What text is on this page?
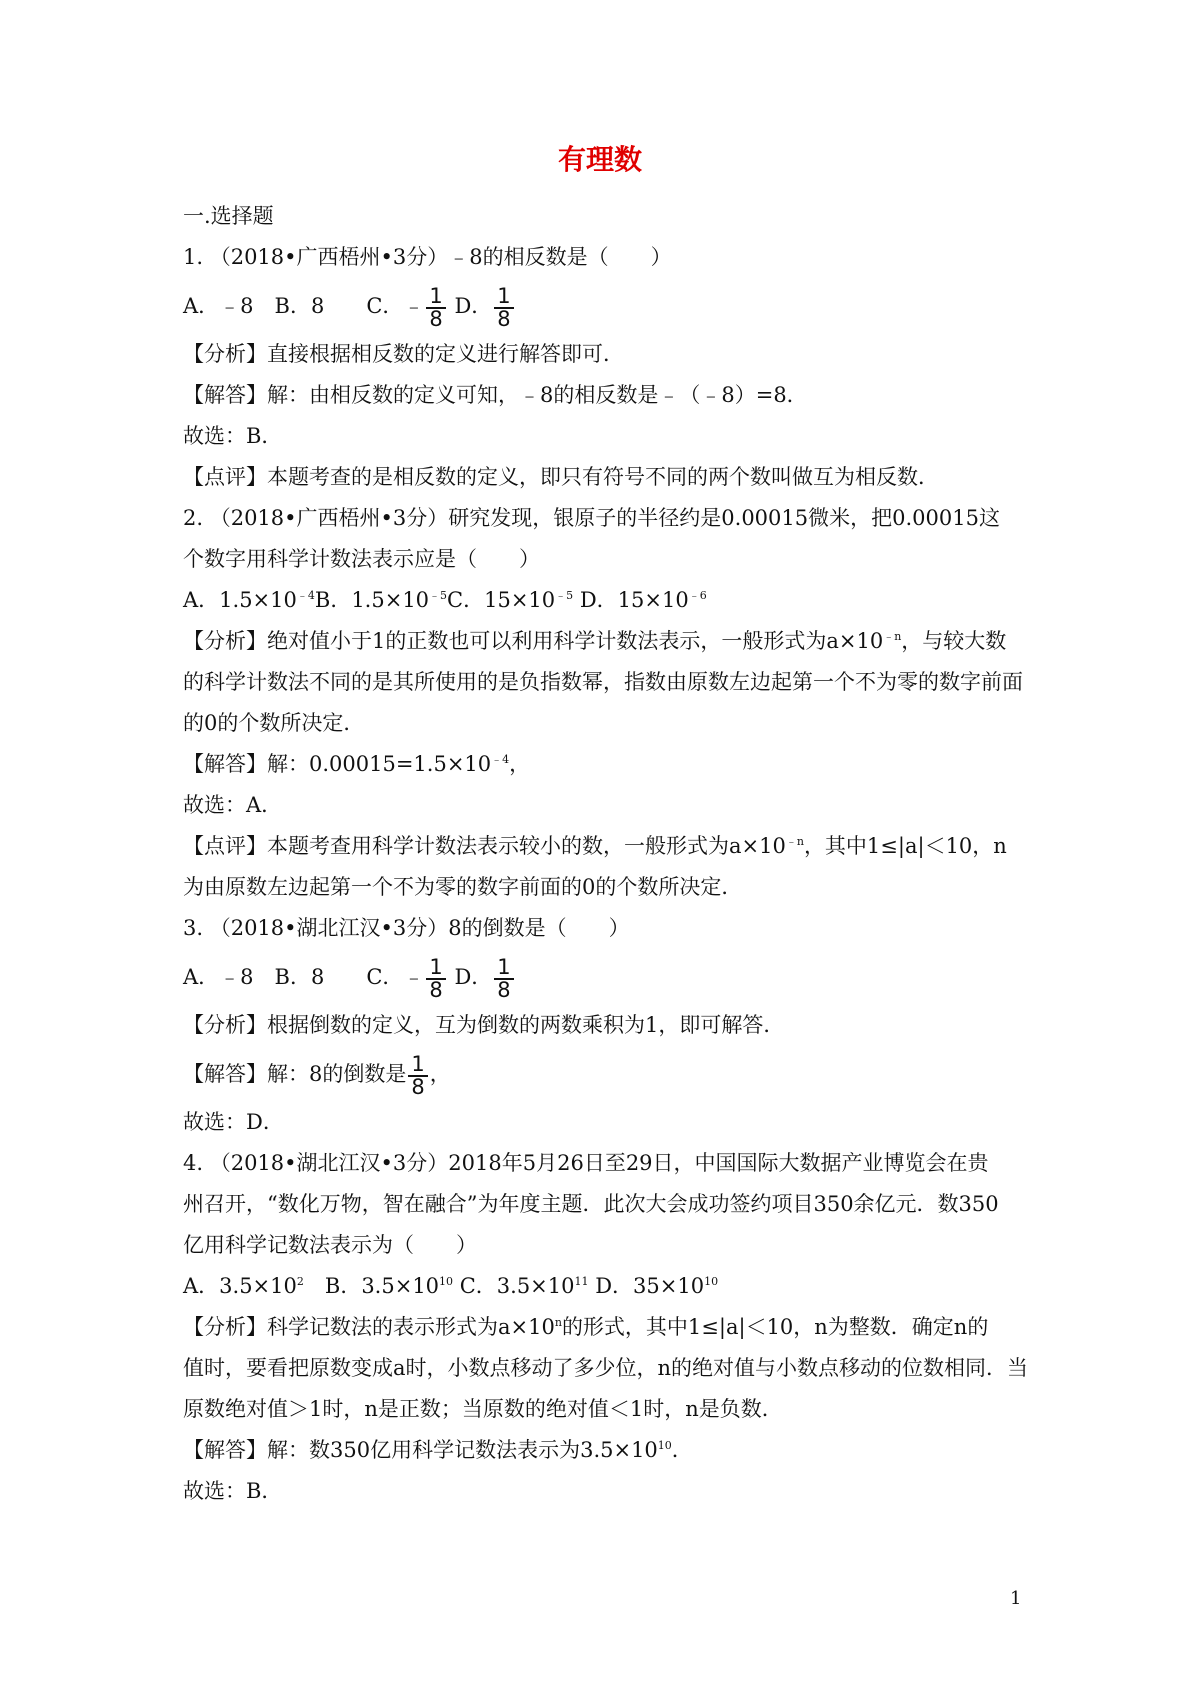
有理数
一.选择题
1. （2018•广西梧州•3分）﹣8的相反数是（　　）
A．﹣8　B．8　　C．﹣ $\frac{1}{8}$ D． $\frac{1}{8}$
【分析】直接根据相反数的定义进行解答即可．
【解答】解：由相反数的定义可知，﹣8的相反数是﹣（﹣8）=8．
故选：B．
【点评】本题考查的是相反数的定义，即只有符号不同的两个数叫做互为相反数．
2. （2018•广西梧州•3分）研究发现，银原子的半径约是0.00015微米，把0.00015这
个数字用科学计数法表示应是（　　）
A．$1.5\times 10^{﹣4}B$．$1.5\times 10^{﹣5}C$．$15\times 10^{﹣5}$ D．$15\times 10^{﹣6}$
【分析】绝对值小于1的正数也可以利用科学计数法表示，一般形式为$a\times 10^{﹣n}$，与较大数
的科学计数法不同的是其所使用的是负指数幂，指数由原数左边起第一个不为零的数字前面
的0的个数所决定．
【解答】解：$0.00015=1.5\times 10^{﹣4}$，
故选：A．
【点评】本题考查用科学计数法表示较小的数，一般形式为$a\times 10^{﹣n}$，其中1≤|a|＜10，n
为由原数左边起第一个不为零的数字前面的0的个数所决定．
3. （2018•湖北江汉•3分）8的倒数是（　　）
A．﹣8　B．8　　C．﹣ $\frac{1}{8}$ D． $\frac{1}{8}$
【分析】根据倒数的定义，互为倒数的两数乘积为1，即可解答．
【解答】解：8的倒数是 $\frac{1}{8}$ ，
故选：D．
4. （2018•湖北江汉•3分）2018年5月26日至29日，中国国际大数据产业博览会在贵
州召开，“数化万物，智在融合”为年度主题．此次大会成功签约项目350余亿元．数350
亿用科学记数法表示为（　　）
A．$3.5\times 10^2$　B．$3.5\times 10^{10}$ C．$3.5\times 10^{11}$ D．$35\times 10^{10}$
【分析】科学记数法的表示形式为$a\times 10^n$的形式，其中1≤|a|＜10，n为整数．确定n的
值时，要看把原数变成a时，小数点移动了多少位，n的绝对值与小数点移动的位数相同．当
原数绝对值＞1时，n是正数；当原数的绝对值＜1时，n是负数．
【解答】解：数350亿用科学记数法表示为$3.5\times 10^{10}$．
故选：B．
1
